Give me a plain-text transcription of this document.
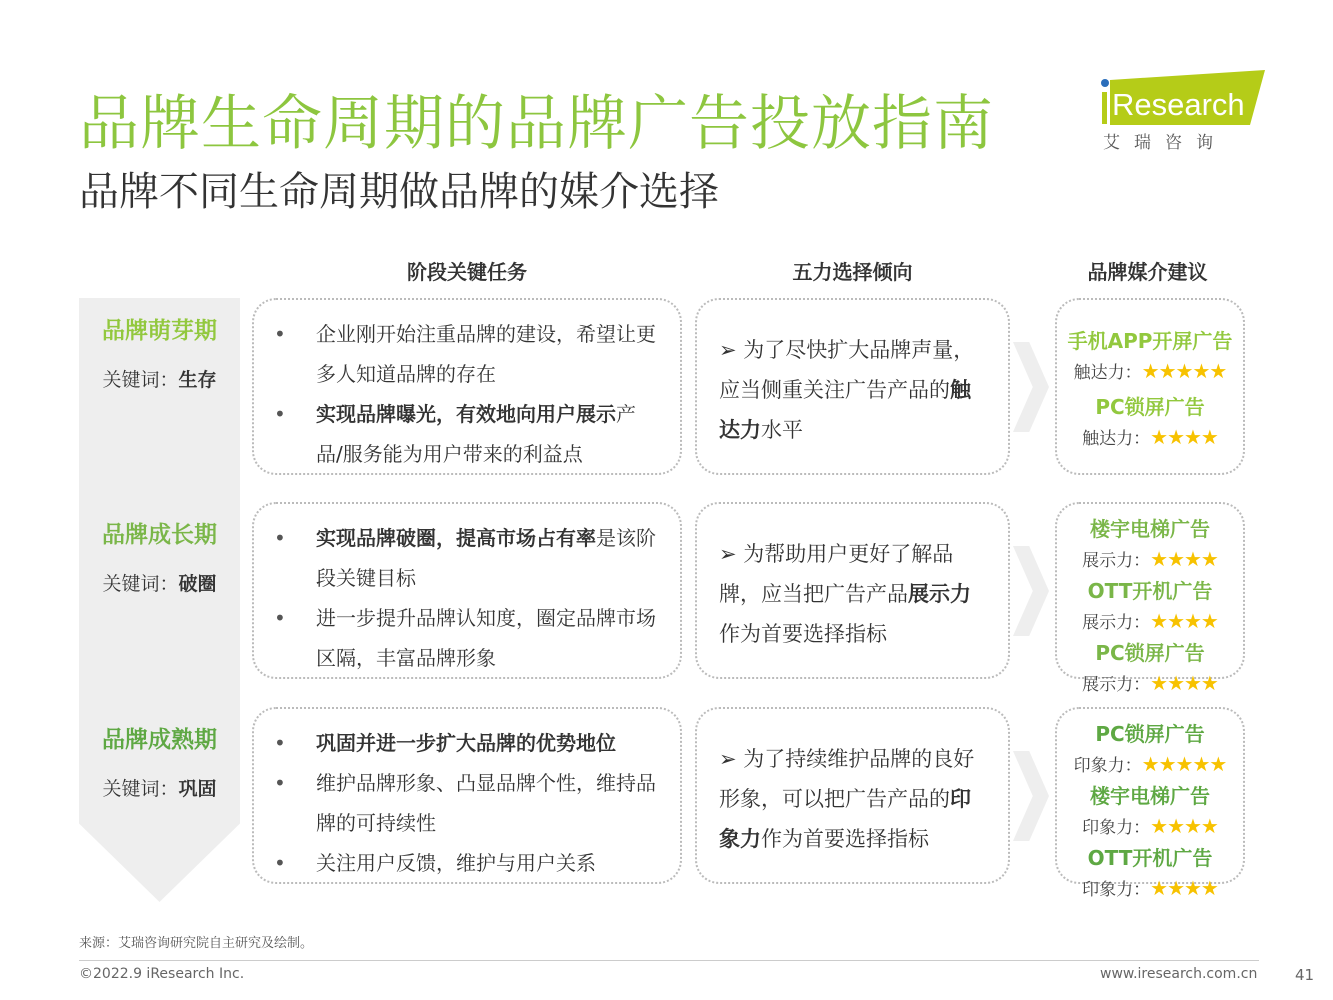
品牌生命周期的品牌广告投放指南
品牌不同生命周期做品牌的媒介选择
Research
艾瑞咨询
阶段关键任务	五力选择倾向	品牌媒介建议
品牌萌芽期
关键词：生存
• 企业刚开始注重品牌的建设，希望让更多人知道品牌的存在
• 实现品牌曝光，有效地向用户展示产品/服务能为用户带来的利益点
➢ 为了尽快扩大品牌声量，应当侧重关注广告产品的触达力水平
手机APP开屏广告
触达力：★★★★★
PC锁屏广告
触达力：★★★★
品牌成长期
关键词：破圈
• 实现品牌破圈，提高市场占有率是该阶段关键目标
• 进一步提升品牌认知度，圈定品牌市场区隔，丰富品牌形象
➢ 为帮助用户更好了解品牌，应当把广告产品展示力作为首要选择指标
楼宇电梯广告
展示力：★★★★
OTT开机广告
展示力：★★★★
PC锁屏广告
展示力：★★★★
品牌成熟期
关键词：巩固
• 巩固并进一步扩大品牌的优势地位
• 维护品牌形象、凸显品牌个性，维持品牌的可持续性
• 关注用户反馈，维护与用户关系
➢ 为了持续维护品牌的良好形象，可以把广告产品的印象力作为首要选择指标
PC锁屏广告
印象力：★★★★★
楼宇电梯广告
印象力：★★★★
OTT开机广告
印象力：★★★★
来源：艾瑞咨询研究院自主研究及绘制。
©2022.9 iResearch Inc.	www.iresearch.com.cn	41
